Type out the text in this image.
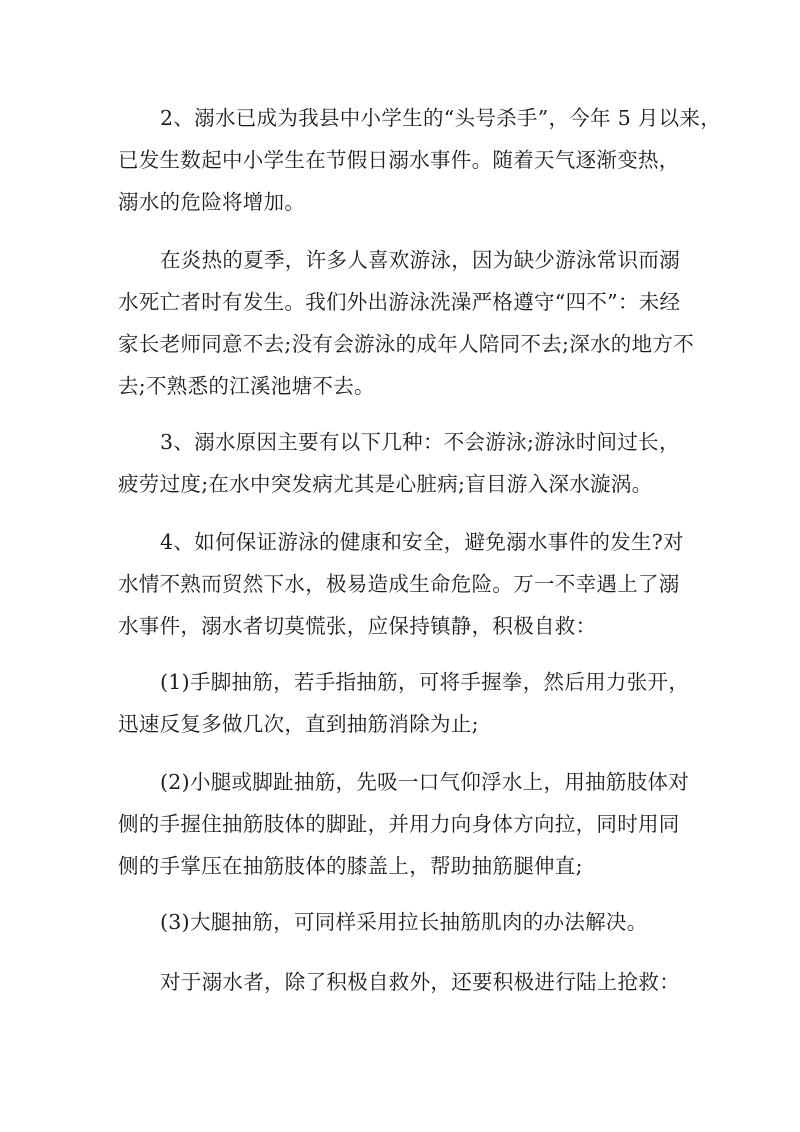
2、溺水已成为我县中小学生的“头号杀手”，今年 5 月以来，
已发生数起中小学生在节假日溺水事件。随着天气逐渐变热，
溺水的危险将增加。
在炎热的夏季，许多人喜欢游泳，因为缺少游泳常识而溺
水死亡者时有发生。我们外出游泳洗澡严格遵守“四不”：未经
家长老师同意不去;没有会游泳的成年人陪同不去;深水的地方不
去;不熟悉的江溪池塘不去。
3、溺水原因主要有以下几种：不会游泳;游泳时间过长，
疲劳过度;在水中突发病尤其是心脏病;盲目游入深水漩涡。
4、如何保证游泳的健康和安全，避免溺水事件的发生?对
水情不熟而贸然下水，极易造成生命危险。万一不幸遇上了溺
水事件，溺水者切莫慌张，应保持镇静，积极自救：
(1)手脚抽筋，若手指抽筋，可将手握拳，然后用力张开，
迅速反复多做几次，直到抽筋消除为止;
(2)小腿或脚趾抽筋，先吸一口气仰浮水上，用抽筋肢体对
侧的手握住抽筋肢体的脚趾，并用力向身体方向拉，同时用同
侧的手掌压在抽筋肢体的膝盖上，帮助抽筋腿伸直;
(3)大腿抽筋，可同样采用拉长抽筋肌肉的办法解决。
对于溺水者，除了积极自救外，还要积极进行陆上抢救：
